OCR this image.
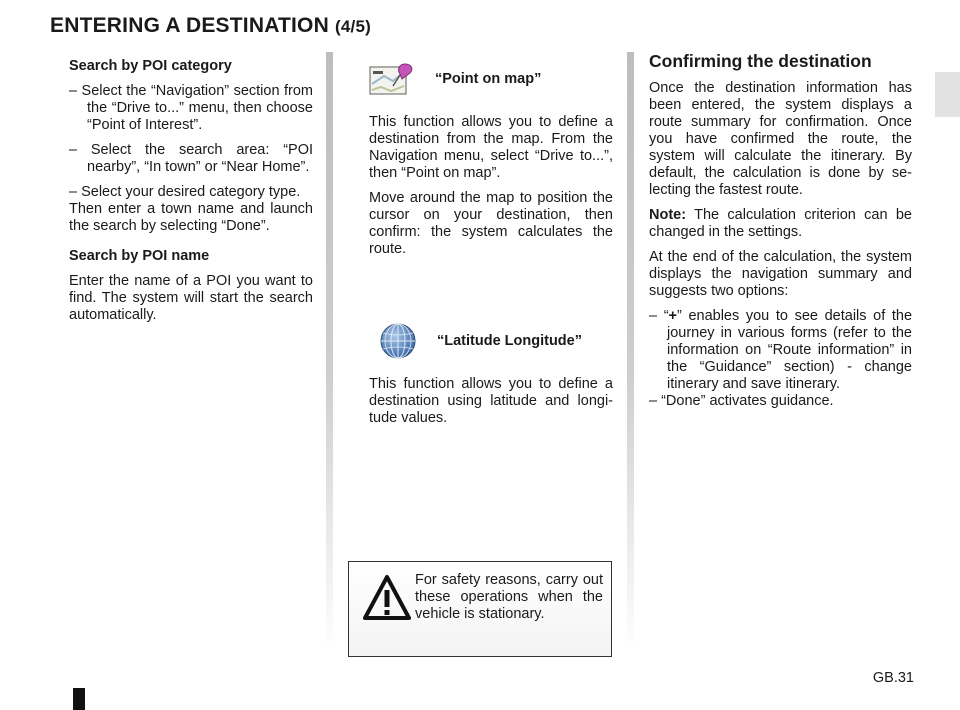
ENTERING A DESTINATION (4/5)

Search by POI category

– Select the “Navigation” section from the “Drive to...” menu, then choose “Point of Interest”.
– Select the search area: “POI nearby”, “In town” or “Near Home”.
– Select your desired category type.

Then enter a town name and launch the search by selecting “Done”.

Search by POI name

Enter the name of a POI you want to find. The system will start the search automatically.

“Point on map”

This function allows you to define a destination from the map. From the Navigation menu, select “Drive to...”, then “Point on map”.

Move around the map to position the cursor on your destination, then confirm: the system calculates the route.

“Latitude Longitude”

This function allows you to define a destination using latitude and longi- tude values.

Confirming the destination

Once the destination information has been entered, the system displays a route summary for confirmation. Once you have confirmed the route, the system will calculate the itinerary. By default, the calculation is done by se- lecting the fastest route.

Note: The calculation criterion can be changed in the settings.

At the end of the calculation, the system displays the navigation summary and suggests two options:

– “+” enables you to see details of the journey in various forms (refer to the information on “Route information” in the “Guidance” section) - change itinerary and save itinerary.
– “Done” activates guidance.
For safety reasons, carry out these operations when the vehicle is stationary.
GB.31
